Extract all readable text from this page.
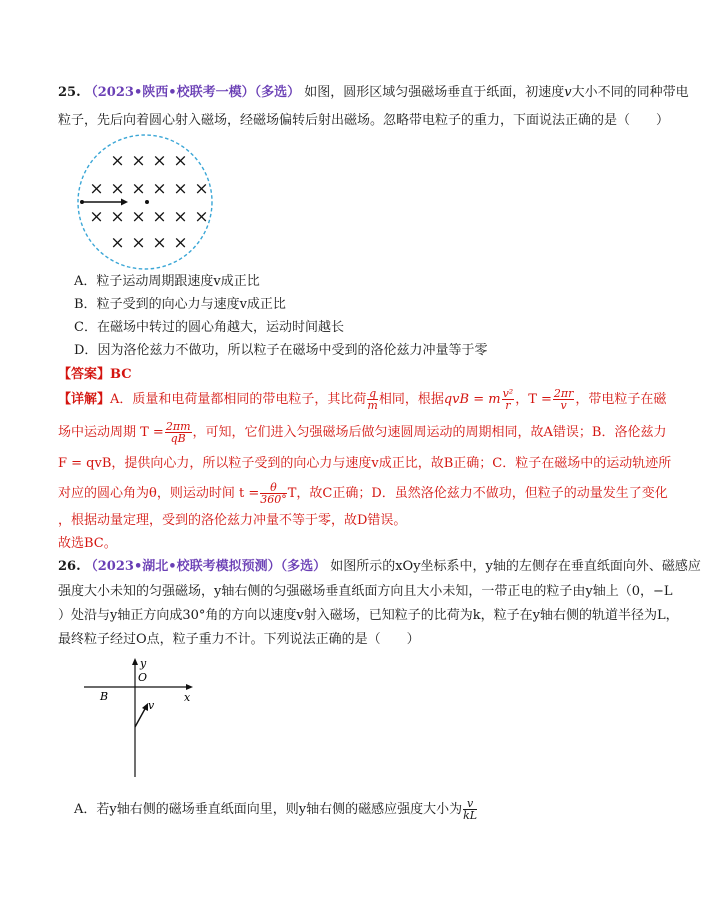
25. （2023•陕西•校联考一模）（多选） 如图，圆形区域匀强磁场垂直于纸面，初速度v大小不同的同种带电
粒子，先后向着圆心射入磁场，经磁场偏转后射出磁场。忽略带电粒子的重力，下面说法正确的是（　　）
× × × ×
× × × × × ×
× × × × × ×
× × × ×
A．粒子运动周期跟速度v成正比
B．粒子受到的向心力与速度v成正比
C．在磁场中转过的圆心角越大，运动时间越长
D．因为洛伦兹力不做功，所以粒子在磁场中受到的洛伦兹力冲量等于零
【答案】BC
【详解】A．质量和电荷量都相同的带电粒子，其比荷 $\frac{q}{m}$ 相同，根据qvB = m $\frac{\text{v²}}{r}$ ，$T = \frac{2\pi r}{v}$ ，带电粒子在磁
场中运动周期 $T = \frac{2\pi m}{qB}$ ，可知，它们进入匀强磁场后做匀速圆周运动的周期相同，故A错误；B．洛伦兹力
F = qvB，提供向心力，所以粒子受到的向心力与速度v成正比，故B正确；C．粒子在磁场中的运动轨迹所
对应的圆心角为θ，则运动时间 $t = \frac{\theta}{360^\circ}$ T，故C正确；D．虽然洛伦兹力不做功，但粒子的动量发生了变化
，根据动量定理，受到的洛伦兹力冲量不等于零，故D错误。
故选BC。
26. （2023•湖北•校联考模拟预测）（多选） 如图所示的xOy坐标系中，y轴的左侧存在垂直纸面向外、磁感应
强度大小未知的匀强磁场，y轴右侧的匀强磁场垂直纸面方向且大小未知，一带正电的粒子由y轴上（0，−L
）处沿与y轴正方向成30°角的方向以速度v射入磁场，已知粒子的比荷为k，粒子在y轴右侧的轨道半径为L，
最终粒子经过O点，粒子重力不计。下列说法正确的是（　　）
y
x
O
B
v
A．若y轴右侧的磁场垂直纸面向里，则y轴右侧的磁感应强度大小为 $\frac{v}{kL}$
